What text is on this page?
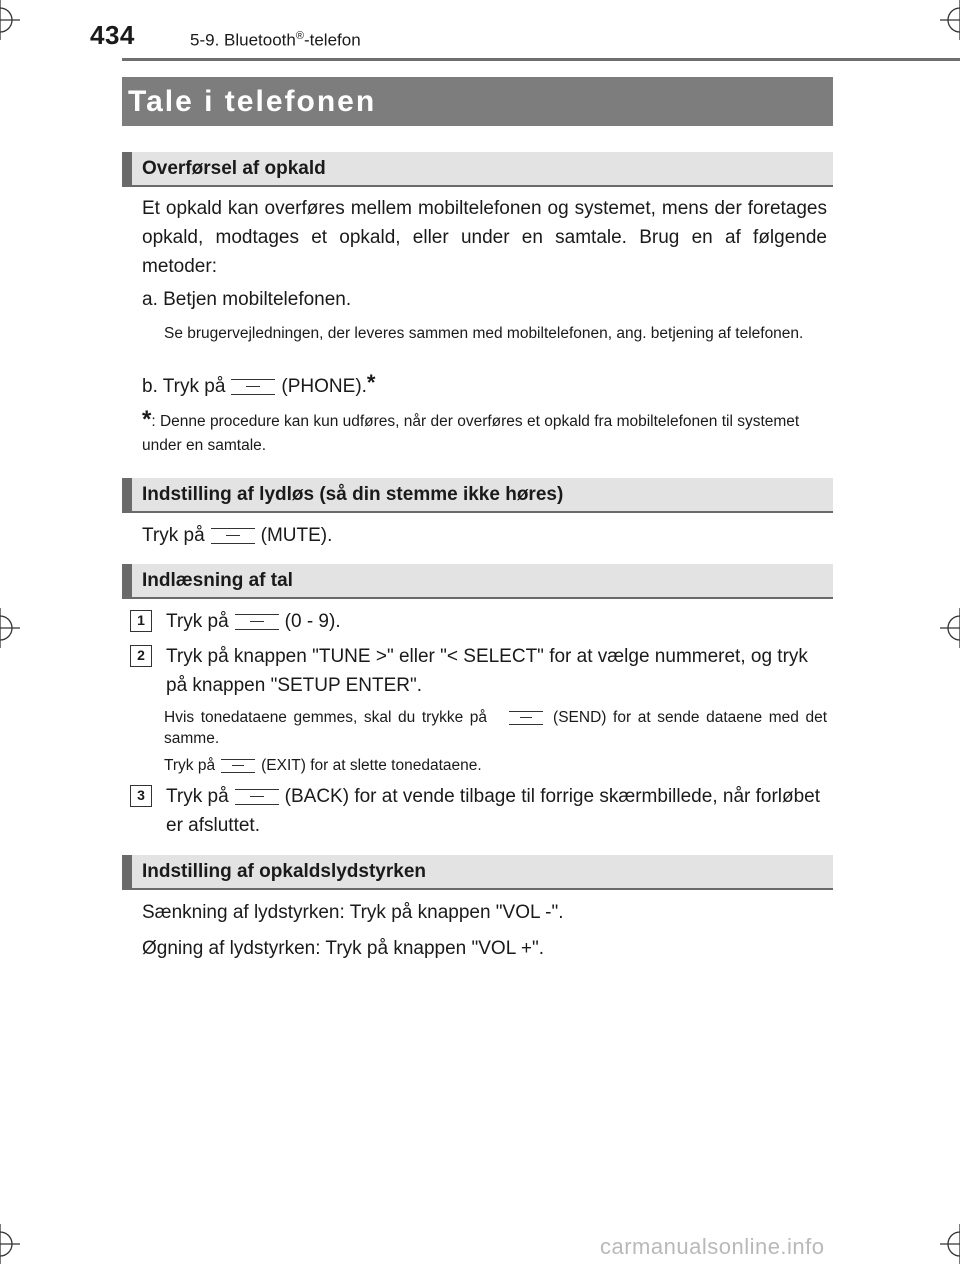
434	5-9. Bluetooth®-telefon
Tale i telefonen
Overførsel af opkald
Et opkald kan overføres mellem mobiltelefonen og systemet, mens der foretages opkald, modtages et opkald, eller under en samtale. Brug en af følgende metoder:
a. Betjen mobiltelefonen.
Se brugervejledningen, der leveres sammen med mobiltelefonen, ang. betjening af telefonen.
b. Tryk på	(PHONE).*
*: Denne procedure kan kun udføres, når der overføres et opkald fra mobiltelefonen til systemet under en samtale.
Indstilling af lydløs (så din stemme ikke høres)
Tryk på	(MUTE).
Indlæsning af tal
1	Tryk på	(0 - 9).
2	Tryk på knappen "TUNE >" eller "< SELECT" for at vælge nummeret, og tryk på knappen "SETUP ENTER".
Hvis tonedataene gemmes, skal du trykke på	(SEND) for at sende dataene med det samme.
Tryk på	(EXIT) for at slette tonedataene.
3	Tryk på	(BACK) for at vende tilbage til forrige skærmbillede, når forløbet er afsluttet.
Indstilling af opkaldslydstyrken
Sænkning af lydstyrken: Tryk på knappen "VOL -".
Øgning af lydstyrken: Tryk på knappen "VOL +".
carmanualsonline.info
